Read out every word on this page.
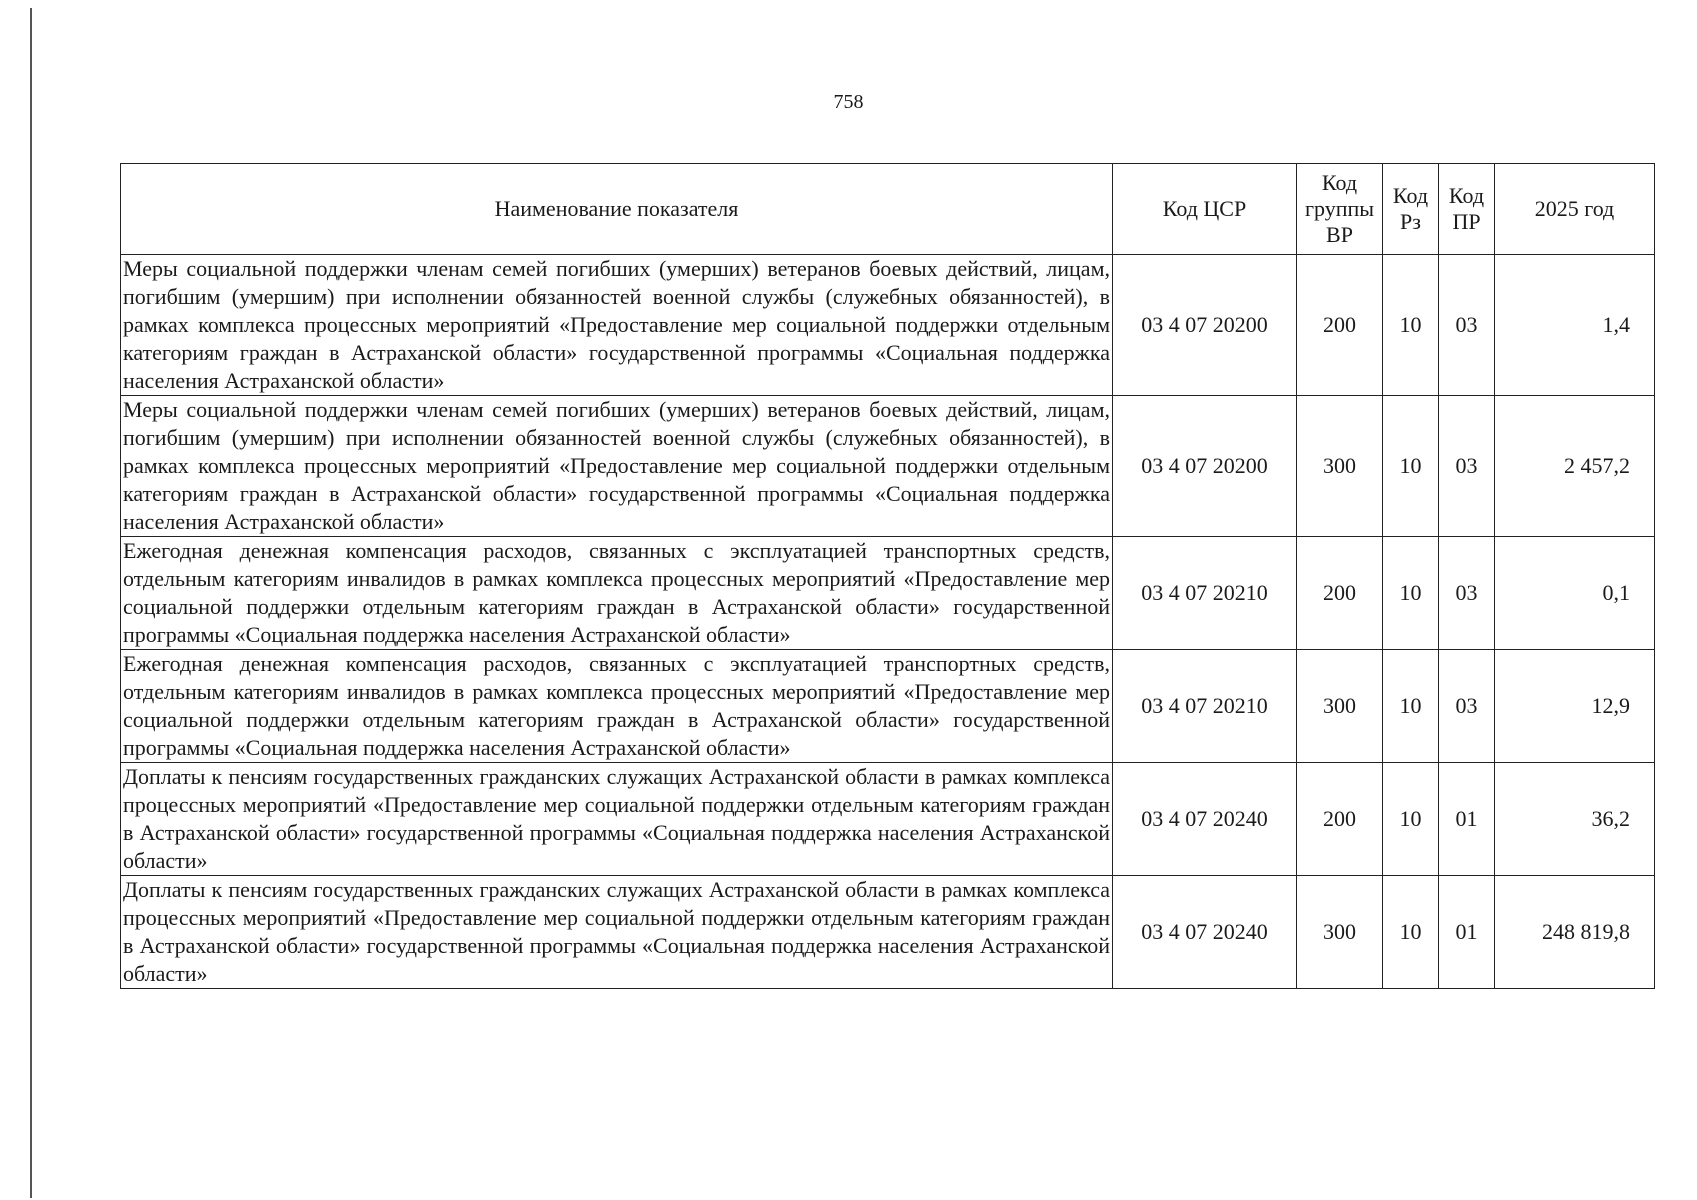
758
Наименование показателя	Код ЦСР	Код группы ВР	Код Рз	Код ПР	2025 год
Меры социальной поддержки членам семей погибших (умерших) ветеранов боевых действий, лицам, погибшим (умершим) при исполнении обязанностей военной службы (служебных обязанностей), в рамках комплекса процессных мероприятий «Предоставление мер социальной поддержки отдельным категориям граждан в Астраханской области» государственной программы «Социальная поддержка населения Астраханской области»	03 4 07 20200	200	10	03	1,4
Меры социальной поддержки членам семей погибших (умерших) ветеранов боевых действий, лицам, погибшим (умершим) при исполнении обязанностей военной службы (служебных обязанностей), в рамках комплекса процессных мероприятий «Предоставление мер социальной поддержки отдельным категориям граждан в Астраханской области» государственной программы «Социальная поддержка населения Астраханской области»	03 4 07 20200	300	10	03	2 457,2
Ежегодная денежная компенсация расходов, связанных с эксплуатацией транспортных средств, отдельным категориям инвалидов в рамках комплекса процессных мероприятий «Предоставление мер социальной поддержки отдельным категориям граждан в Астраханской области» государственной программы «Социальная поддержка населения Астраханской области»	03 4 07 20210	200	10	03	0,1
Ежегодная денежная компенсация расходов, связанных с эксплуатацией транспортных средств, отдельным категориям инвалидов в рамках комплекса процессных мероприятий «Предоставление мер социальной поддержки отдельным категориям граждан в Астраханской области» государственной программы «Социальная поддержка населения Астраханской области»	03 4 07 20210	300	10	03	12,9
Доплаты к пенсиям государственных гражданских служащих Астраханской области в рамках комплекса процессных мероприятий «Предоставление мер социальной поддержки отдельным категориям граждан в Астраханской области» государственной программы «Социальная поддержка населения Астраханской области»	03 4 07 20240	200	10	01	36,2
Доплаты к пенсиям государственных гражданских служащих Астраханской области в рамках комплекса процессных мероприятий «Предоставление мер социальной поддержки отдельным категориям граждан в Астраханской области» государственной программы «Социальная поддержка населения Астраханской области»	03 4 07 20240	300	10	01	248 819,8
